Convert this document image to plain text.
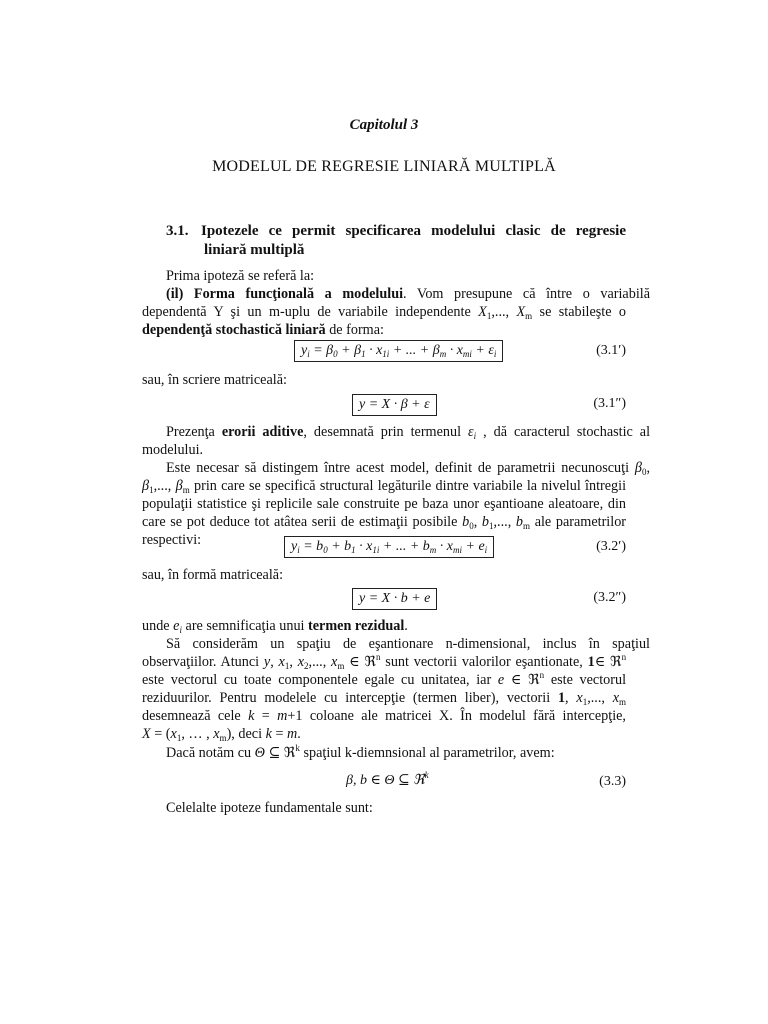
Capitolul 3
MODELUL DE REGRESIE LINIARĂ MULTIPLĂ
3.1. Ipotezele ce permit specificarea modelului clasic de regresie
liniară multiplă
Prima ipoteză se referă la:
(il) Forma funcţională a modelului. Vom presupune că între o variabilă
dependentă Y şi un m-uplu de variabile independente $X_1$,..., $X_m$ se stabileşte o
dependenţă stochastică liniară de forma:
$y_i = \beta_0 + \beta_1 \cdot x_{1i}$ + ... + $\beta_m \cdot x_{mi} + \varepsilon_i$	(3.1′)
sau, în scriere matriceală:
y = X · β + ε	(3.1″)
Prezenţa erorii aditive, desemnată prin termenul $\varepsilon_i$ , dă caracterul stochastic al
modelului.
Este necesar să distingem între acest model, definit de parametrii necunoscuţi $\beta_0$,
$\beta_1$,..., $\beta_m$ prin care se specifică structural legăturile dintre variabile la nivelul întregii
populaţii statistice şi replicile sale construite pe baza unor eşantioane aleatoare, din
care se pot deduce tot atâtea serii de estimaţii posibile $b_0$, $b_1$,..., $b_m$ ale parametrilor
respectivi:	$y_i = b_0 + b_1 \cdot x_{1i}$ + ... + $b_m \cdot x_{mi} + e_i$	(3.2′)
sau, în formă matriceală:
y = X · b + e	(3.2″)
unde $e_i$ are semnificaţia unui termen rezidual.
Să considerăm un spaţiu de eşantionare n-dimensional, inclus în spaţiul
observaţiilor. Atunci y, $x_1$, $x_2$,..., $x_m$ ∈ ℜ$^n$ sunt vectorii valorilor eşantionate, 1∈ ℜ$^n$
este vectorul cu toate componentele egale cu unitatea, iar e ∈ ℜ$^n$ este vectorul
reziduurilor. Pentru modelele cu intercepţie (termen liber), vectorii 1, $x_1$,..., $x_m$
desemnează cele k = m+1 coloane ale matricei X. În modelul fără intercepţie,
$X = (x_1$, … , $x_m$), deci k = m.
Dacă notăm cu Θ ⊆ ℜ$^k$ spaţiul k-diemnsional al parametrilor, avem:
β, b ∈ Θ ⊆ ℜ$^k$	(3.3)
Celelalte ipoteze fundamentale sunt:
